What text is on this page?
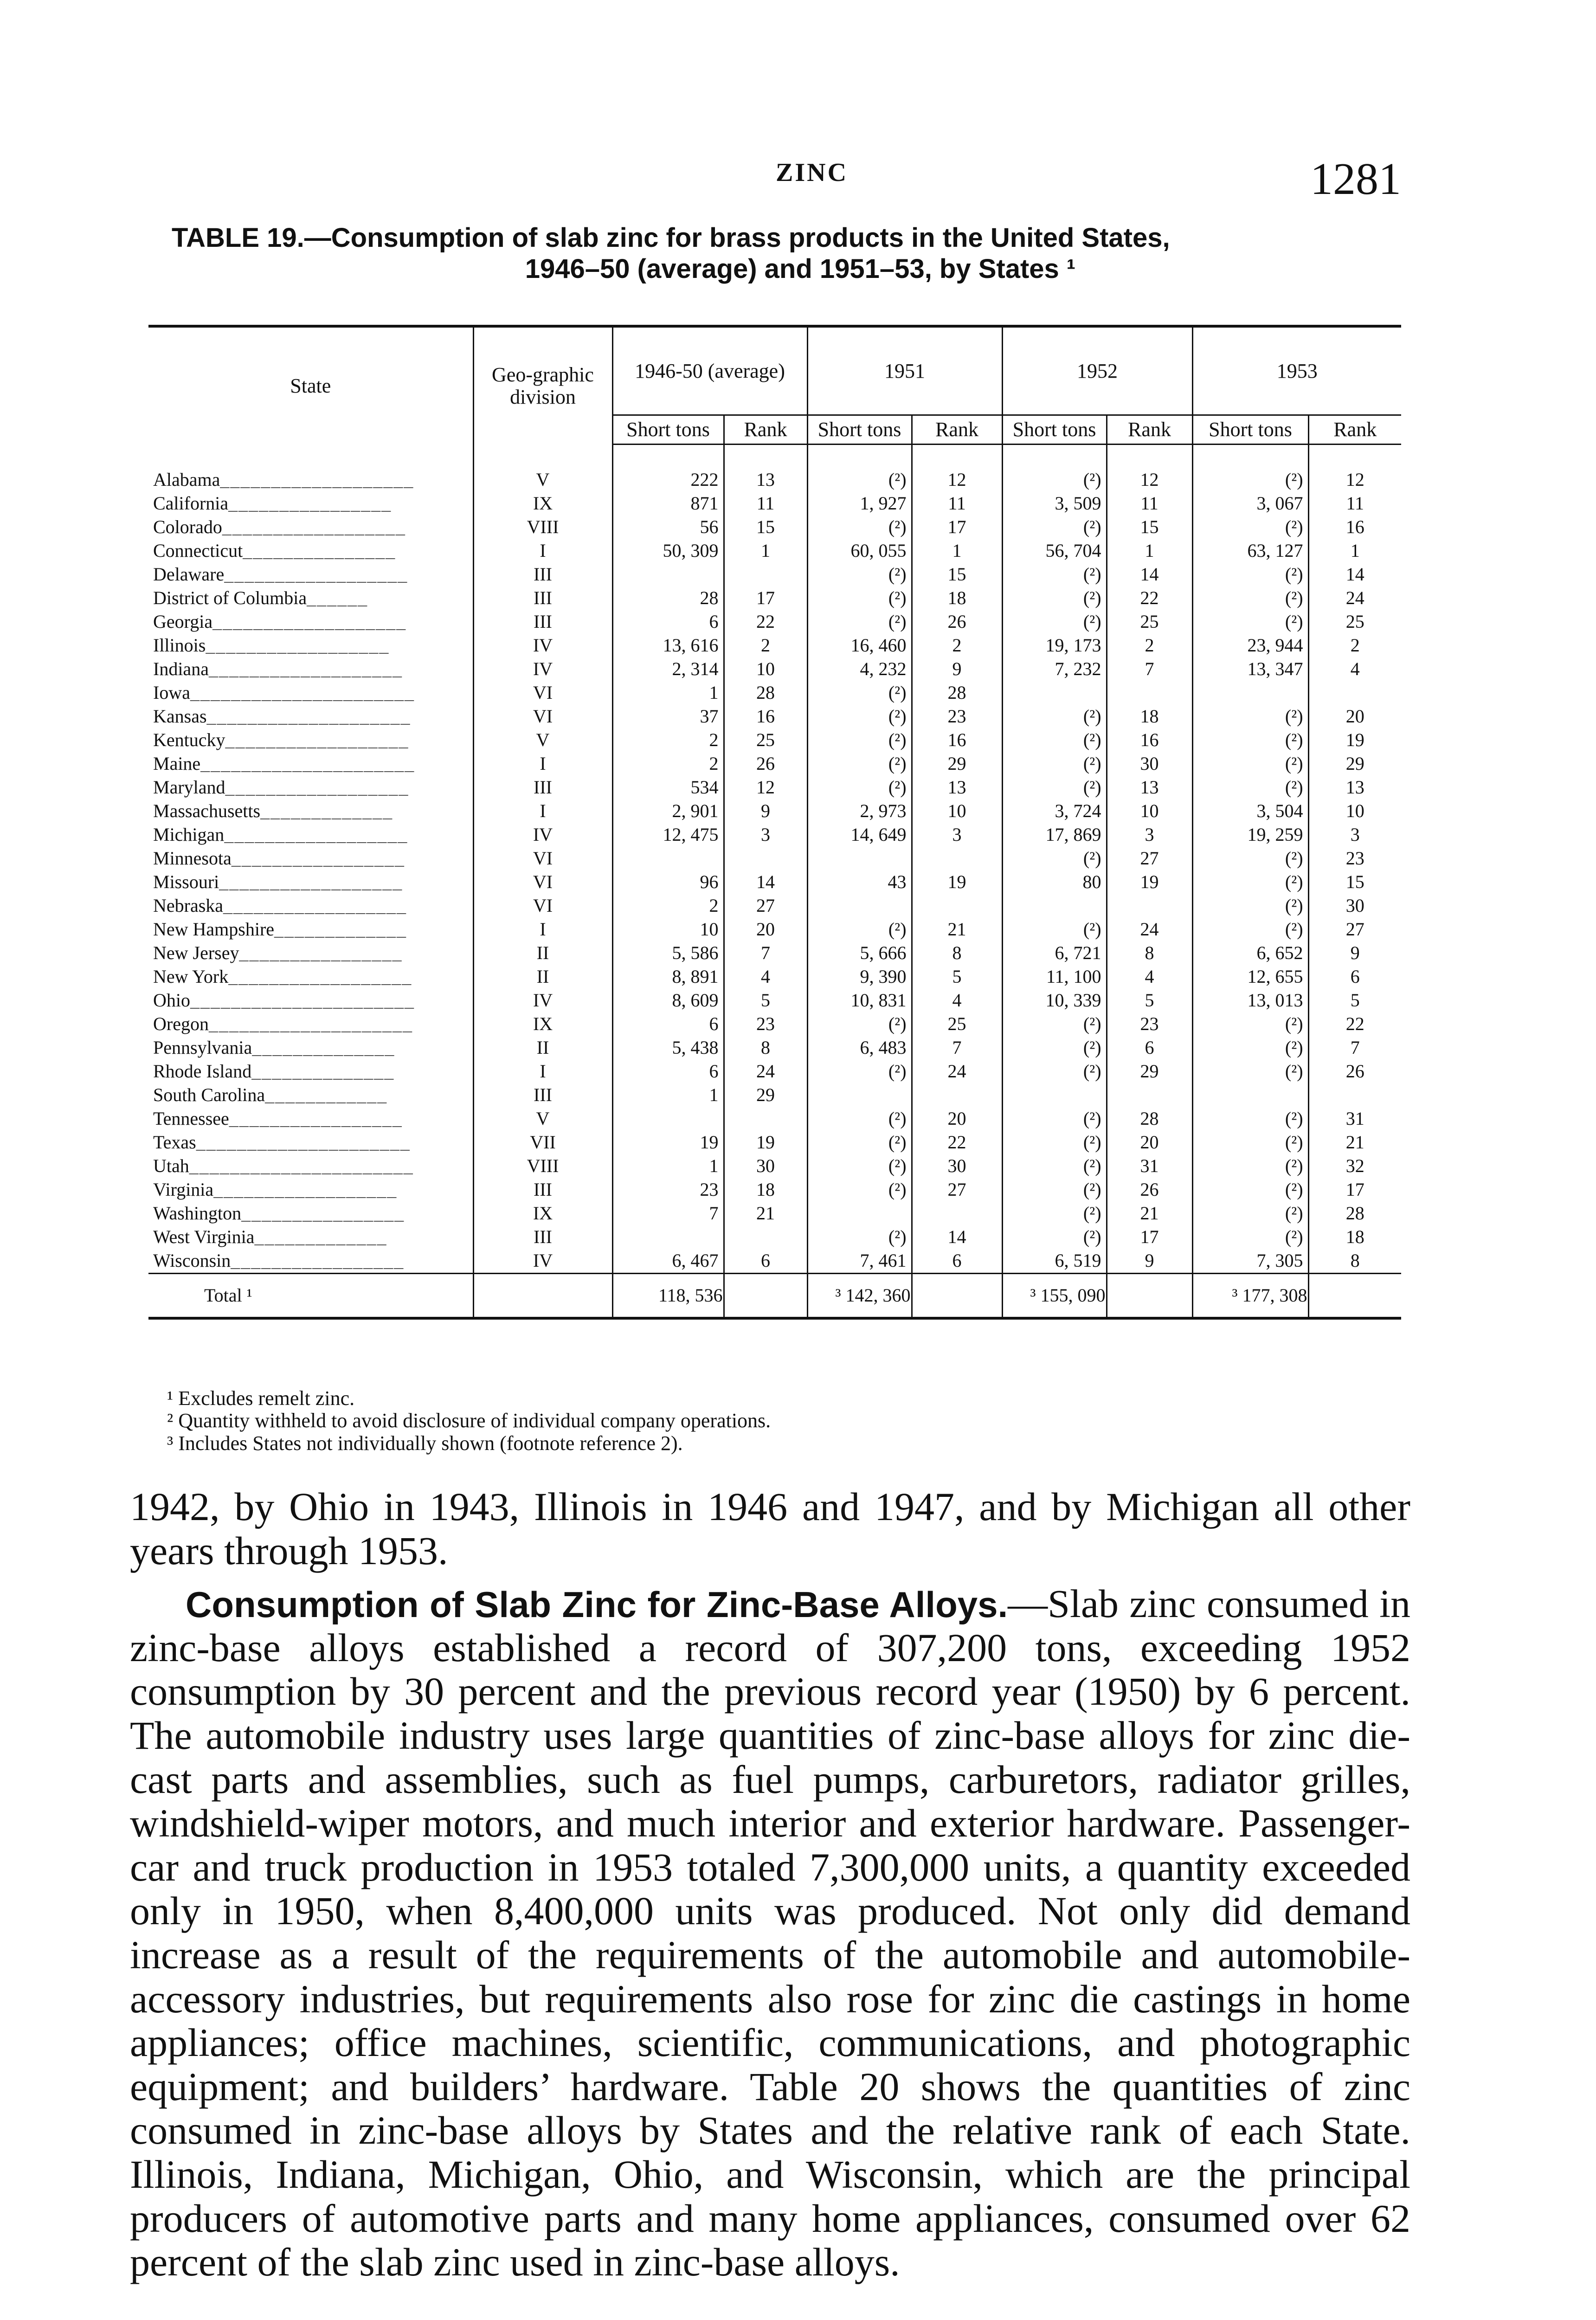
ZINC	1281
TABLE 19.—Consumption of slab zinc for brass products in the United States,
1946–50 (average) and 1951–53, by States ¹
State	Geo-graphic division	1946-50 (average)		1951		1952		1953	
		Short tons	Rank	Short tons	Rank	Short tons	Rank	Short tons	Rank
Alabama___________________	V	222	13	(²)	12	(²)	12	(²)	12
California________________	IX	871	11	1, 927	11	3, 509	11	3, 067	11
Colorado__________________	VIII	56	15	(²)	17	(²)	15	(²)	16
Connecticut_______________	I	50, 309	1	60, 055	1	56, 704	1	63, 127	1
Delaware__________________	III			(²)	15	(²)	14	(²)	14
District of Columbia______	III	28	17	(²)	18	(²)	22	(²)	24
Georgia___________________	III	6	22	(²)	26	(²)	25	(²)	25
Illinois__________________	IV	13, 616	2	16, 460	2	19, 173	2	23, 944	2
Indiana___________________	IV	2, 314	10	4, 232	9	7, 232	7	13, 347	4
Iowa______________________	VI	1	28	(²)	28				
Kansas____________________	VI	37	16	(²)	23	(²)	18	(²)	20
Kentucky__________________	V	2	25	(²)	16	(²)	16	(²)	19
Maine_____________________	I	2	26	(²)	29	(²)	30	(²)	29
Maryland__________________	III	534	12	(²)	13	(²)	13	(²)	13
Massachusetts_____________	I	2, 901	9	2, 973	10	3, 724	10	3, 504	10
Michigan__________________	IV	12, 475	3	14, 649	3	17, 869	3	19, 259	3
Minnesota_________________	VI					(²)	27	(²)	23
Missouri__________________	VI	96	14	43	19	80	19	(²)	15
Nebraska__________________	VI	2	27					(²)	30
New Hampshire_____________	I	10	20	(²)	21	(²)	24	(²)	27
New Jersey________________	II	5, 586	7	5, 666	8	6, 721	8	6, 652	9
New York__________________	II	8, 891	4	9, 390	5	11, 100	4	12, 655	6
Ohio______________________	IV	8, 609	5	10, 831	4	10, 339	5	13, 013	5
Oregon____________________	IX	6	23	(²)	25	(²)	23	(²)	22
Pennsylvania______________	II	5, 438	8	6, 483	7	(²)	6	(²)	7
Rhode Island______________	I	6	24	(²)	24	(²)	29	(²)	26
South Carolina____________	III	1	29						
Tennessee_________________	V			(²)	20	(²)	28	(²)	31
Texas_____________________	VII	19	19	(²)	22	(²)	20	(²)	21
Utah______________________	VIII	1	30	(²)	30	(²)	31	(²)	32
Virginia__________________	III	23	18	(²)	27	(²)	26	(²)	17
Washington________________	IX	7	21			(²)	21	(²)	28
West Virginia_____________	III			(²)	14	(²)	17	(²)	18
Wisconsin_________________	IV	6, 467	6	7, 461	6	6, 519	9	7, 305	8
Total ¹		118, 536		³ 142, 360		³ 155, 090		³ 177, 308	

¹ Excludes remelt zinc.

² Quantity withheld to avoid disclosure of individual company operations.

³ Includes States not individually shown (footnote reference 2).

1942, by Ohio in 1943, Illinois in 1946 and 1947, and by Michigan all other years through 1953.

Consumption of Slab Zinc for Zinc-Base Alloys.—Slab zinc consumed in zinc-base alloys established a record of 307,200 tons, exceeding 1952 consumption by 30 percent and the previous record year (1950) by 6 percent. The automobile industry uses large quantities of zinc-base alloys for zinc die-cast parts and assemblies, such as fuel pumps, carburetors, radiator grilles, windshield-wiper motors, and much interior and exterior hardware. Passenger-car and truck production in 1953 totaled 7,300,000 units, a quantity exceeded only in 1950, when 8,400,000 units was produced. Not only did demand increase as a result of the requirements of the automobile and automobile-accessory industries, but requirements also rose for zinc die castings in home appliances; office machines, scientific, communications, and photographic equipment; and builders’ hardware. Table 20 shows the quantities of zinc consumed in zinc-base alloys by States and the relative rank of each State. Illinois, Indiana, Michigan, Ohio, and Wisconsin, which are the principal producers of automotive parts and many home appliances, consumed over 62 percent of the slab zinc used in zinc-base alloys.
